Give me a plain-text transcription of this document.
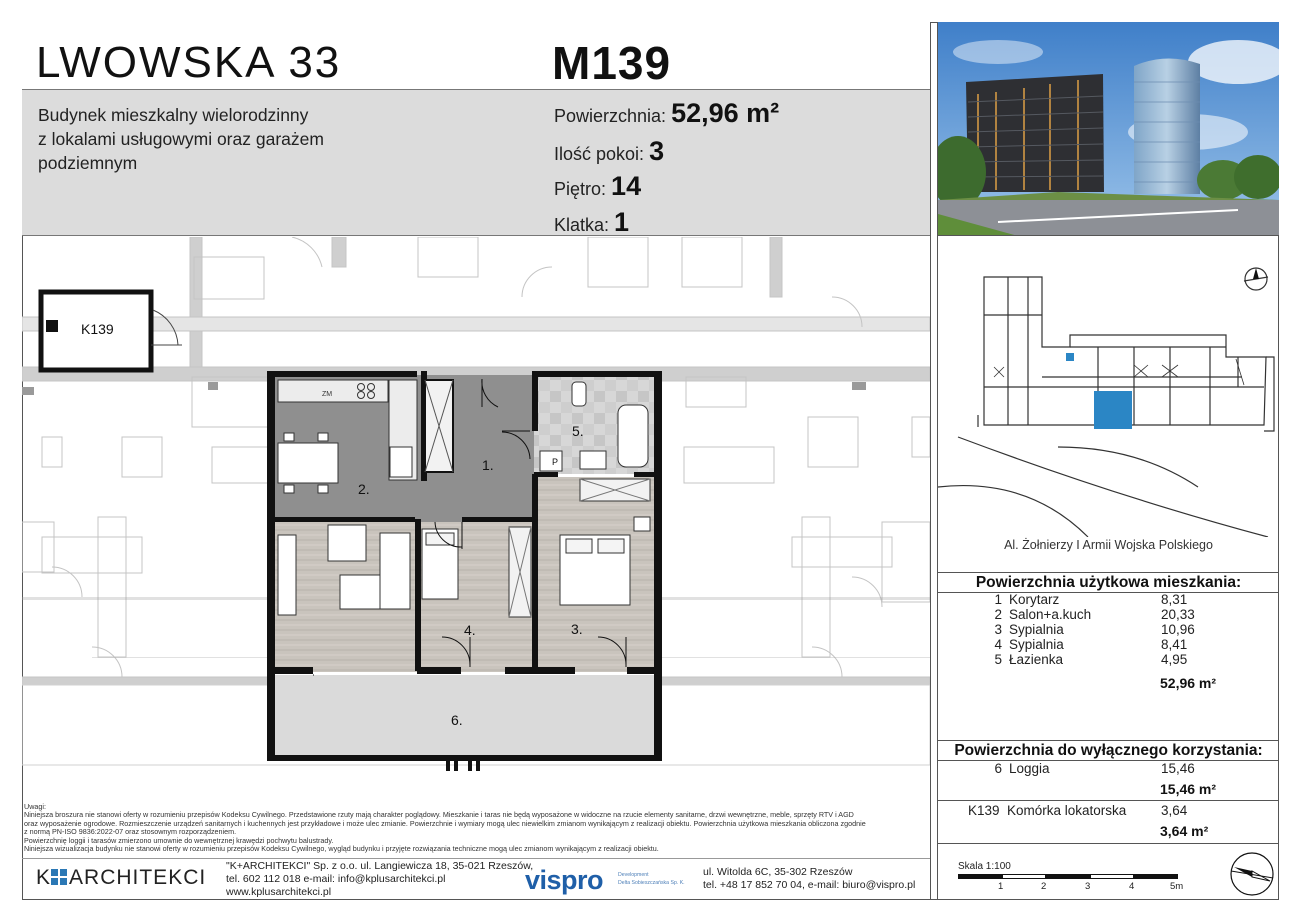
LWOWSKA 33	M139
Budynek mieszkalny wielorodzinny
z lokalami usługowymi oraz garażem
podziemnym
Powierzchnia: 52,96 m²
Ilość pokoi: 3
Piętro: 14
Klatka: 1
ZM
P
K139
1.
2.
3.
4.
5.
6.
Al. Żołnierzy I Armii Wojska Polskiego
Powierzchnia użytkowa mieszkania:
1 Korytarz	8,31
2 Salon+a.kuch	20,33
3 Sypialnia	10,96
4 Sypialnia	8,41
5 Łazienka	4,95
52,96 m²
Powierzchnia do wyłącznego korzystania:
6 Loggia	15,46
15,46 m²
K139 Komórka lokatorska	3,64
3,64 m²
Uwagi:
Niniejsza broszura nie stanowi oferty w rozumieniu przepisów Kodeksu Cywilnego. Przedstawione rzuty mają charakter poglądowy. Mieszkanie i taras nie będą wyposażone w widoczne na rzucie elementy sanitarne, drzwi wewnętrzne, meble, sprzęty RTV i AGD
oraz wyposażenie ogrodowe. Rozmieszczenie urządzeń sanitarnych i kuchennych jest przykładowe i może ulec zmianie. Powierzchnie i wymiary mogą ulec niewielkim zmianom wynikającym z realizacji obiektu. Powierzchnia użytkowa mieszkania obliczona zgodnie
z normą PN-ISO 9836:2022-07 oraz stosownym rozporządzeniem.
Powierzchnię loggii i tarasów zmierzono umownie do wewnętrznej krawędzi pochwytu balustrady.
Niniejsza wizualizacja budynku nie stanowi oferty w rozumieniu przepisów Kodeksu Cywilnego, wygląd budynku i przyjęte rozwiązania techniczne mogą ulec zmianom wynikającym z realizacji obiektu.
K ARCHITEKCI "K+ARCHITEKCI" Sp. z o.o. ul. Langiewicza 18, 35-021 Rzeszów,
tel. 602 112 018 e-mail: info@kplusarchitekci.pl
www.kplusarchitekci.pl	vispro	Development
Delta Sobieszczańska Sp. K.
ul. Witolda 6C, 35-302 Rzeszów
tel. +48 17 852 70 04, e-mail: biuro@vispro.pl
Skala 1:100
1	2	3	4	5m
